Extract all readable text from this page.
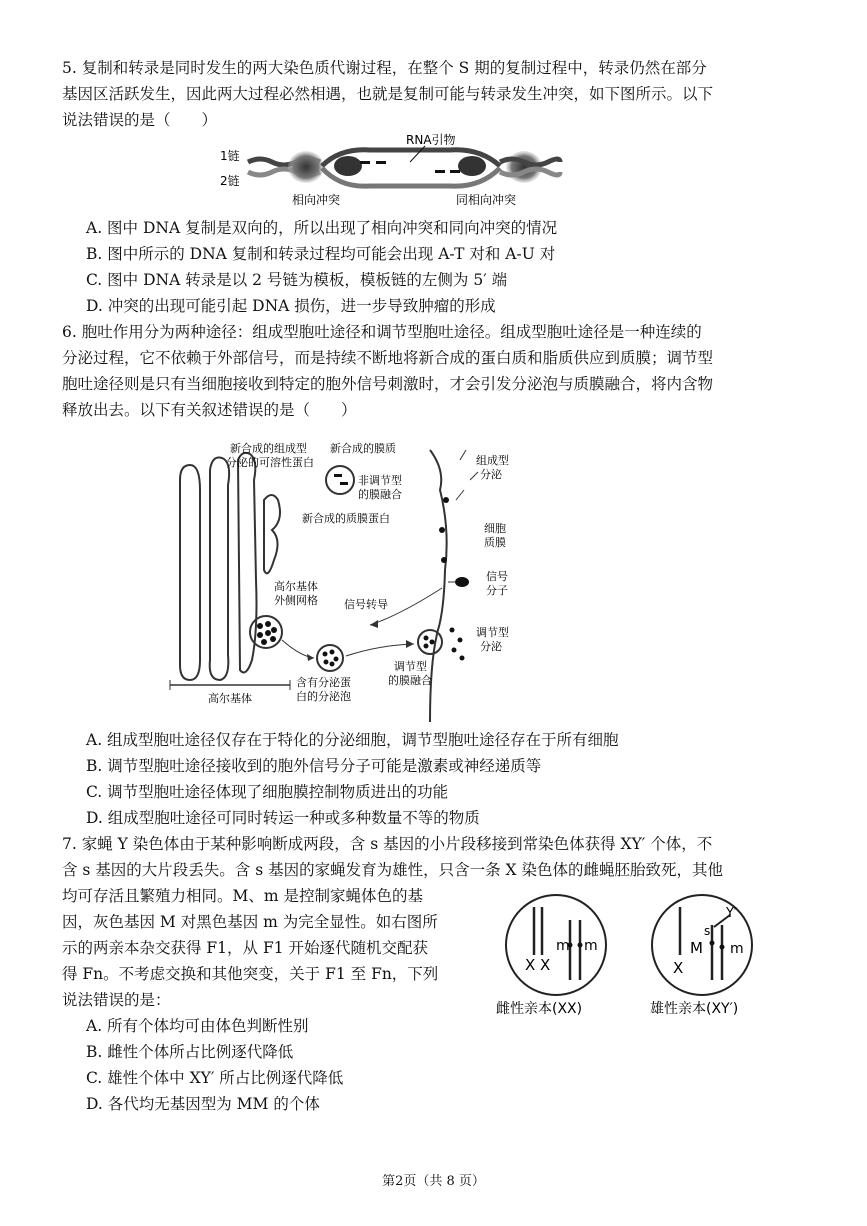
5. 复制和转录是同时发生的两大染色质代谢过程，在整个 S 期的复制过程中，转录仍然在部分
基因区活跃发生，因此两大过程必然相遇，也就是复制可能与转录发生冲突，如下图所示。以下
说法错误的是（　　）
1链
2链
RNA引物
相向冲突	同相向冲突
A. 图中 DNA 复制是双向的，所以出现了相向冲突和同向冲突的情况
B. 图中所示的 DNA 复制和转录过程均可能会出现 A-T 对和 A-U 对
C. 图中 DNA 转录是以 2 号链为模板，模板链的左侧为 5′ 端
D. 冲突的出现可能引起 DNA 损伤，进一步导致肿瘤的形成
6. 胞吐作用分为两种途径：组成型胞吐途径和调节型胞吐途径。组成型胞吐途径是一种连续的
分泌过程，它不依赖于外部信号，而是持续不断地将新合成的蛋白质和脂质供应到质膜；调节型
胞吐途径则是只有当细胞接收到特定的胞外信号刺激时，才会引发分泌泡与质膜融合，将内含物
释放出去。以下有关叙述错误的是（　　）
高尔基体
高尔基体
外侧网格
含有分泌蛋
白的分泌泡
新合成的组成型
分泌的可溶性蛋白
新合成的膜质
非调节型
的膜融合
新合成的质膜蛋白
组成型
分泌
细胞
质膜
信号
分子
信号转导
调节型
分泌
调节型
的膜融合
A. 组成型胞吐途径仅存在于特化的分泌细胞，调节型胞吐途径存在于所有细胞
B. 调节型胞吐途径接收到的胞外信号分子可能是激素或神经递质等
C. 调节型胞吐途径体现了细胞膜控制物质进出的功能
D. 组成型胞吐途径可同时转运一种或多种数量不等的物质
7. 家蝇 Y 染色体由于某种影响断成两段，含 s 基因的小片段移接到常染色体获得 XY′ 个体，不
含 s 基因的大片段丢失。含 s 基因的家蝇发育为雄性，只含一条 X 染色体的雌蝇胚胎致死，其他
均可存活且繁殖力相同。M、m 是控制家蝇体色的基
因，灰色基因 M 对黑色基因 m 为完全显性。如右图所
示的两亲本杂交获得 F1，从 F1 开始逐代随机交配获
得 Fn。不考虑交换和其他突变，关于 F1 至 Fn，下列
说法错误的是：
X X
m m
雌性亲本(XX)
X
s
Y′
M m
雄性亲本(XY′)
A. 所有个体均可由体色判断性别
B. 雌性个体所占比例逐代降低
C. 雄性个体中 XY′ 所占比例逐代降低
D. 各代均无基因型为 MM 的个体
第2页（共 8 页）
